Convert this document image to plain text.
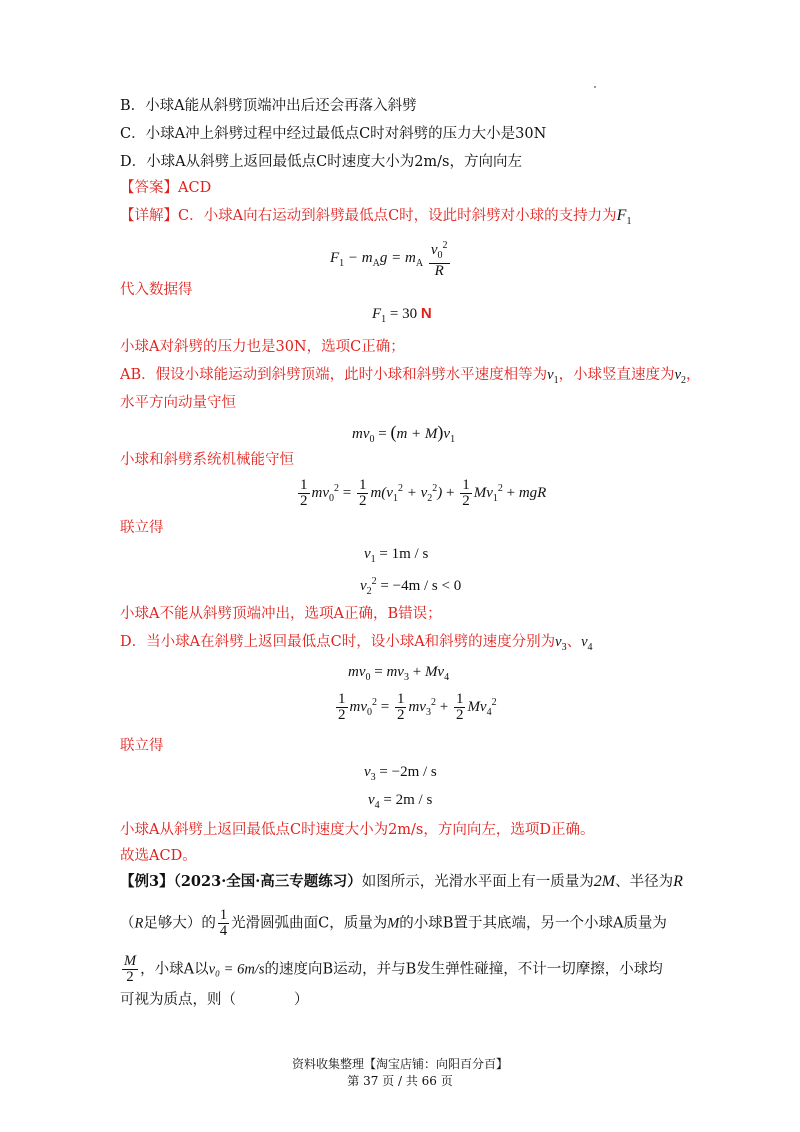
B．小球A能从斜劈顶端冲出后还会再落入斜劈
C．小球A冲上斜劈过程中经过最低点C时对斜劈的压力大小是30N
D．小球A从斜劈上返回最低点C时速度大小为2m/s，方向向左
【答案】ACD
【详解】C．小球A向右运动到斜劈最低点C时，设此时斜劈对小球的支持力为$F_1$
$F_1 - m_Ag = m_A \frac{v_0^2}{R}$
代入数据得
$F_1 = 30$ N
小球A对斜劈的压力也是30N，选项C正确；
AB．假设小球能运动到斜劈顶端，此时小球和斜劈水平速度相等为$v_1$，小球竖直速度为$v_2$，
水平方向动量守恒
$mv_0 = (m + M)v_1$
小球和斜劈系统机械能守恒
$\frac{1}{2} mv_0^2 = \frac{1}{2} m(v_1^2 + v_2^2) + \frac{1}{2} Mv_1^2$ + mgR
联立得
$v_1 = 1m / s$
$v_2^2 = -4m / s < 0$
小球A不能从斜劈顶端冲出，选项A正确，B错误；
D．当小球A在斜劈上返回最低点C时，设小球A和斜劈的速度分别为$v_3$、$v_4$
$mv_0 = mv_3 + Mv_4$
$\frac{1}{2} mv_0^2 = \frac{1}{2} mv_3^2 + \frac{1}{2} Mv_4^2$
联立得
$v_3 = -2m / s$
$v_4 = 2m / s$
小球A从斜劈上返回最低点C时速度大小为2m/s，方向向左，选项D正确。
故选ACD。
【例3】（2023·全国·高三专题练习）如图所示，光滑水平面上有一质量为2M、半径为R
（R足够大）的 $\frac{1}{4}$ 光滑圆弧曲面C，质量为M的小球B置于其底端，另一个小球A质量为
$\frac{M}{2}$ ，小球A以v₀ = 6m/s的速度向B运动，并与B发生弹性碰撞，不计一切摩擦，小球均
可视为质点，则（　　　　）
资料收集整理【淘宝店铺：向阳百分百】
第 37 页 / 共 66 页
